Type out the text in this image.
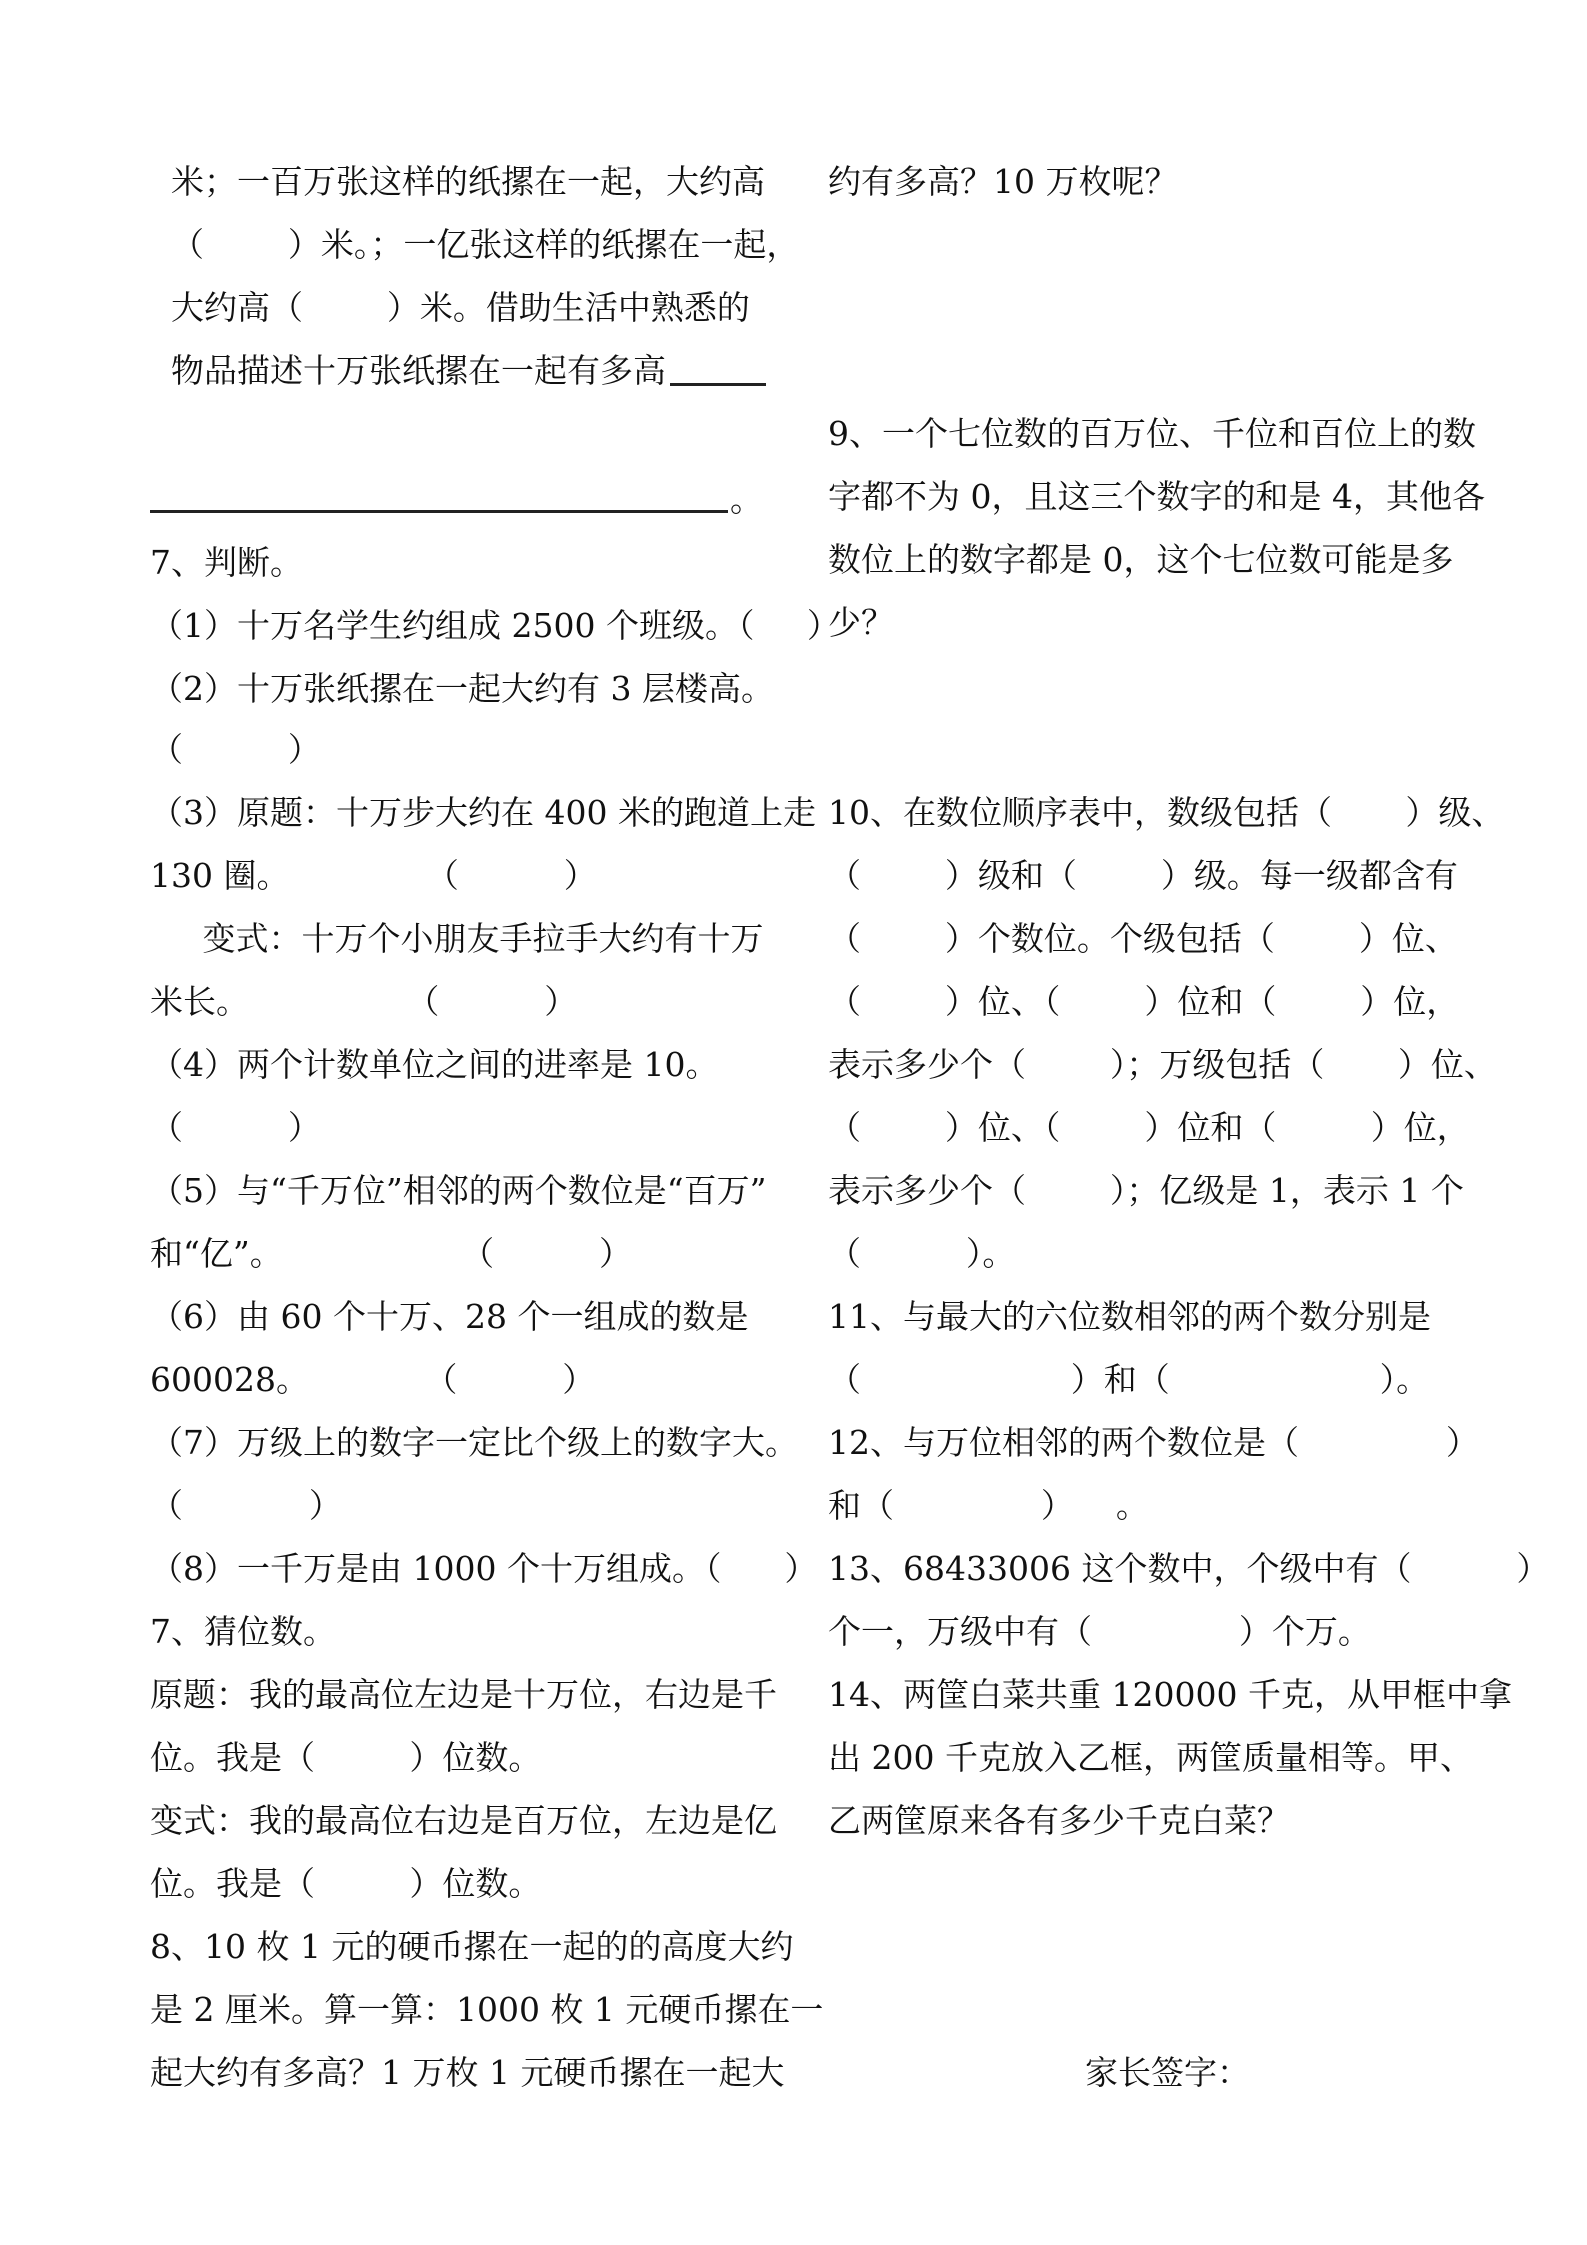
米；一百万张这样的纸摞在一起，大约高
（        ）米。；一亿张这样的纸摞在一起，
大约高（        ）米。借助生活中熟悉的
物品描述十万张纸摞在一起有多高
。
7、判断。
（1）十万名学生约组成 2500 个班级。（     ）
（2）十万张纸摞在一起大约有 3 层楼高。
（          ）
（3）原题：十万步大约在 400 米的跑道上走
130 圈。             （          ）
变式：十万个小朋友手拉手大约有十万
米长。               （          ）
（4）两个计数单位之间的进率是 10。
（          ）
（5）与“千万位”相邻的两个数位是“百万”
和“亿”。                 （          ）
（6）由 60 个十万、28 个一组成的数是
600028。           （          ）
（7）万级上的数字一定比个级上的数字大。
（            ）
（8）一千万是由 1000 个十万组成。（      ）
7、猜位数。
原题：我的最高位左边是十万位，右边是千
位。我是（         ）位数。
变式：我的最高位右边是百万位，左边是亿
位。我是（         ）位数。
8、10 枚 1 元的硬币摞在一起的的高度大约
是 2 厘米。算一算：1000 枚 1 元硬币摞在一
起大约有多高？1 万枚 1 元硬币摞在一起大
约有多高？10 万枚呢？
9、一个七位数的百万位、千位和百位上的数
字都不为 0，且这三个数字的和是 4，其他各
数位上的数字都是 0，这个七位数可能是多
少？
10、在数位顺序表中，数级包括（       ）级、
（        ）级和（        ）级。每一级都含有
（        ）个数位。个级包括（        ）位、
（        ）位、（        ）位和（        ）位，
表示多少个（        ）；万级包括（       ）位、
（        ）位、（        ）位和（         ）位，
表示多少个（        ）；亿级是 1，表示 1 个
（          ）。
11、与最大的六位数相邻的两个数分别是
（                    ）和（                    ）。
12、与万位相邻的两个数位是（              ）
和（              ）    。
13、68433006 这个数中，个级中有（          ）
个一，万级中有（              ）个万。
14、两筐白菜共重 120000 千克，从甲框中拿
出 200 千克放入乙框，两筐质量相等。甲、
乙两筐原来各有多少千克白菜？
家长签字：
